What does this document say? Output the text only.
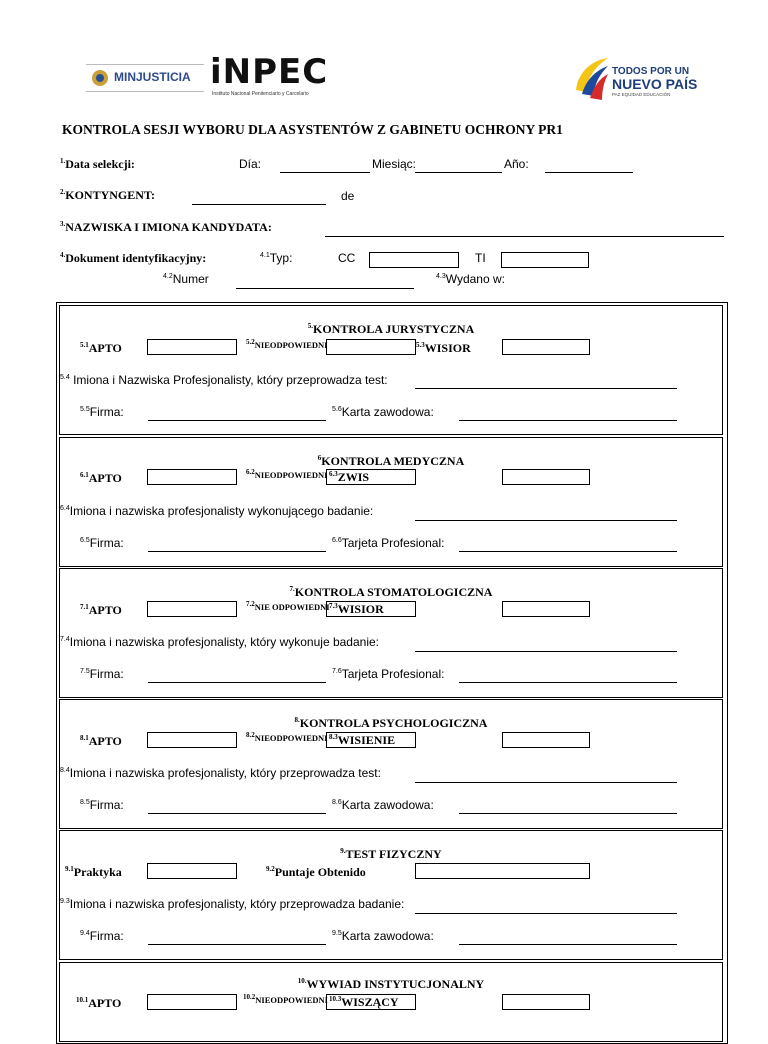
MINJUSTICIA iNPEC
Instituto Nacional Penitenciario y Carcelario
TODOS POR UN
NUEVO PAÍS
PAZ EQUIDAD EDUCACIÓN
KONTROLA SESJI WYBORU DLA ASYSTENTÓW Z GABINETU OCHRONY PR1
$^{1.}$Data selekcji:	Día:	Miesiąc:	Año:
$^{2.}$KONTYNGENT:	de
$^{3.}$NAZWISKA I IMIONA KANDYDATA:
$^{4.}$Dokument identyfikacyjny:	$^{4.1}$Typ:	CC	TI
$^{4.2}$Numer	$^{4.3}$Wydano w:
$^{5.}$KONTROLA JURYSTYCZNA
$^{5.1}$APTO	$^{5.2}$NIEODPOWIEDNI	$^{5.3}$WISIOR
$^{5.4}$ Imiona i Nazwiska Profesjonalisty, który przeprowadza test:
$^{5.5}$Firma:	$^{5.6}$Karta zawodowa:
$^6$KONTROLA MEDYCZNA
$^{6.1}$APTO	$^{6.2}$NIEODPOWIEDNI $^{6.3}$ZWIS
$^{6.4}$Imiona i nazwiska profesjonalisty wykonującego badanie:
$^{6.5}$Firma:	$^{6.6}$Tarjeta Profesional:
$^{7.}$KONTROLA STOMATOLOGICZNA
$^{7.1}$APTO	$^{7.2}$NIE ODPOWIEDNI $^{7.3}$WISIOR
$^{7.4}$Imiona i nazwiska profesjonalisty, który wykonuje badanie:
$^{7.5}$Firma:	$^{7.6}$Tarjeta Profesional:
$^{8.}$KONTROLA PSYCHOLOGICZNA
$^{8.1}$APTO	$^{8.2}$NIEODPOWIEDNI $^{8.3}$WISIENIE
$^{8.4}$Imiona i nazwiska profesjonalisty, który przeprowadza test:
$^{8.5}$Firma:	$^{8.6}$Karta zawodowa:
$^{9.}$TEST FIZYCZNY
$^{9.1}$Praktyka	$^{9.2}$Puntaje Obtenido
$^{9.3}$Imiona i nazwiska profesjonalisty, który przeprowadza badanie:
$^{9.4}$Firma:	$^{9.5}$Karta zawodowa:
$^{10.}$WYWIAD INSTYTUCJONALNY
$^{10.1}$APTO	$^{10.2}$NIEODPOWIEDNI $^{10.3}$WISZĄCY
